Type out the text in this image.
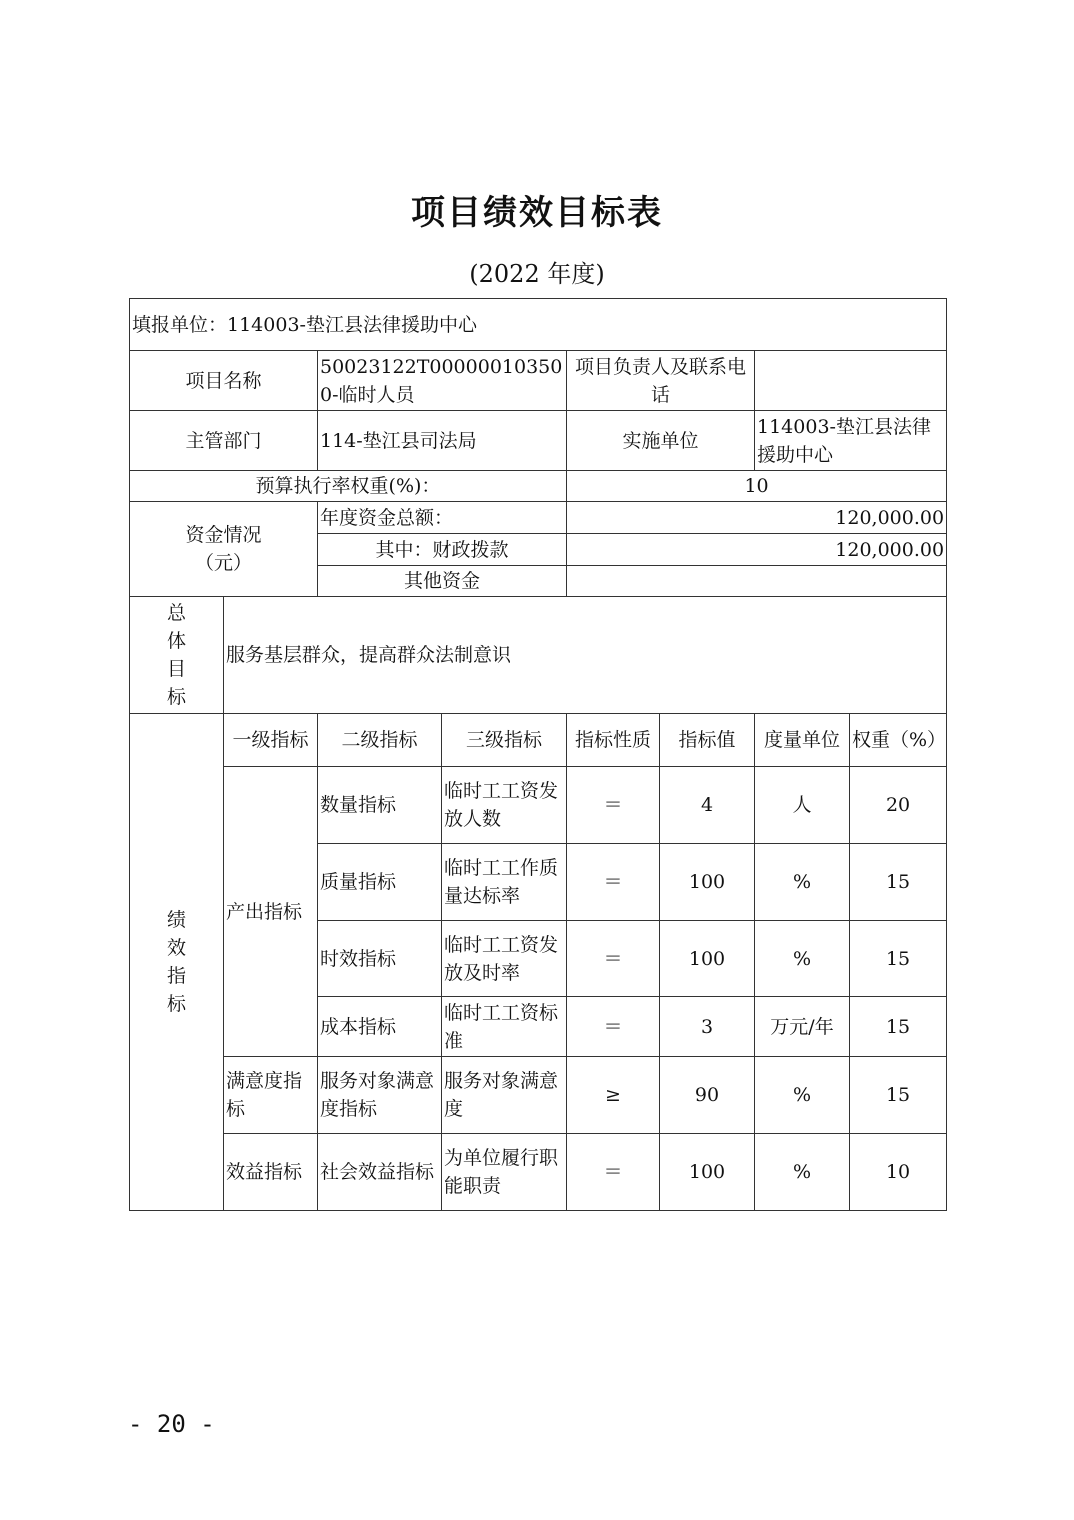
项目绩效目标表
(2022 年度)
填报单位：114003-垫江县法律援助中心							
项目名称		50023122T000000103500-临时人员		项目负责人及联系电话			
主管部门		114-垫江县司法局		实施单位		114003-垫江县法律援助中心	
预算执行率权重(%)：				10			
资金情况
（元）		年度资金总额：		120,000.00			
		其中：财政拨款		120,000.00			
		其他资金					

总
体
目
标	服务基层群众，提高群众法制意识						

绩
效
指
标	一级指标	二级指标	三级指标	指标性质	指标值	度量单位	权重（%）
	产出指标	数量指标	临时工工资发放人数	＝	4	人	20
		质量指标	临时工工作质量达标率	＝	100	%	15
		时效指标	临时工工资发放及时率	＝	100	%	15
		成本指标	临时工工资标准	＝	3	万元/年	15
	满意度指标	服务对象满意度指标	服务对象满意度	≥	90	%	15
	效益指标	社会效益指标	为单位履行职能职责	＝	100	%	10
- 20 -
